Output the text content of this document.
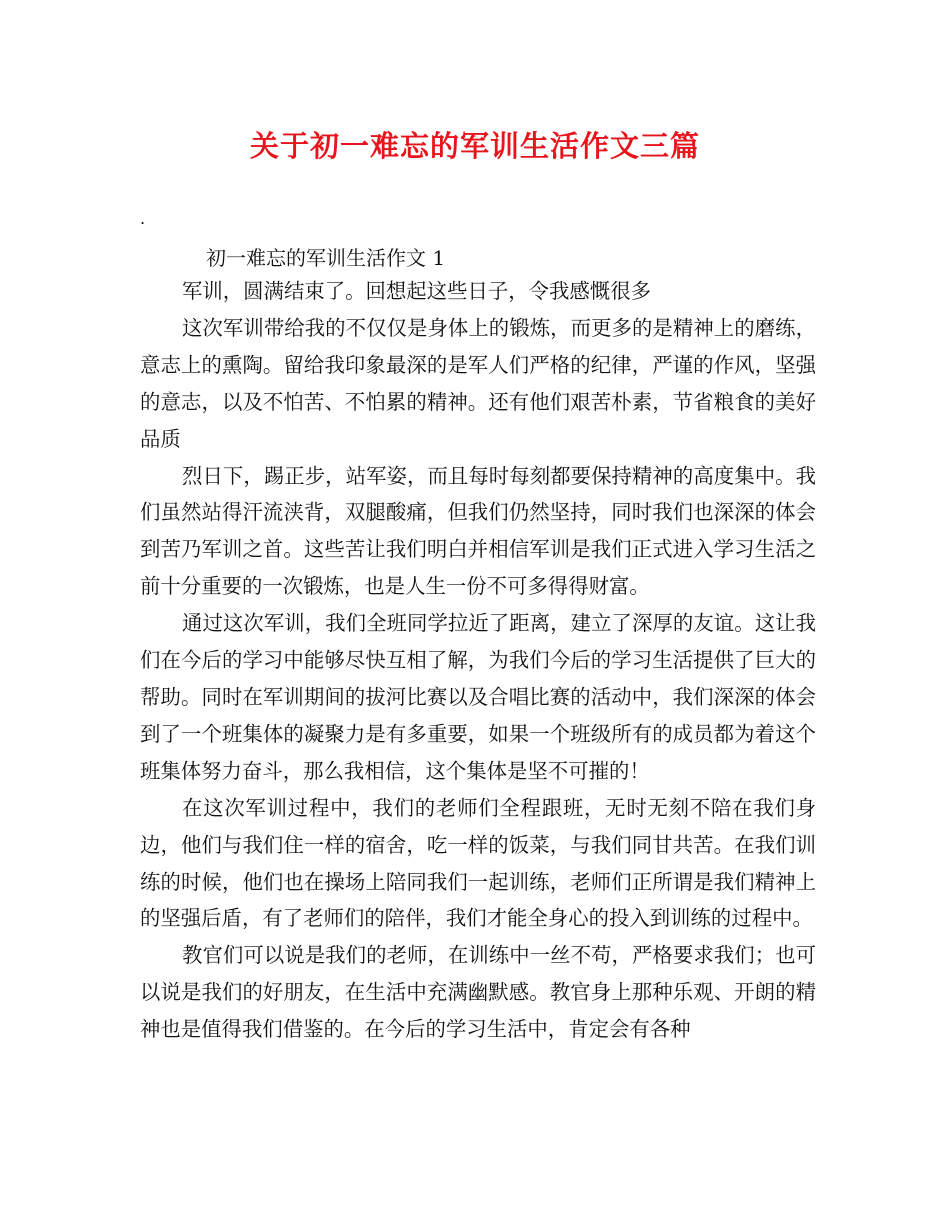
关于初一难忘的军训生活作文三篇
.

初一难忘的军训生活作文 1

军训，圆满结束了。回想起这些日子，令我感慨很多

这次军训带给我的不仅仅是身体上的锻炼，而更多的是精神上的磨练，意志上的熏陶。留给我印象最深的是军人们严格的纪律，严谨的作风，坚强的意志，以及不怕苦、不怕累的精神。还有他们艰苦朴素，节省粮食的美好品质

烈日下，踢正步，站军姿，而且每时每刻都要保持精神的高度集中。我们虽然站得汗流浃背，双腿酸痛，但我们仍然坚持，同时我们也深深的体会到苦乃军训之首。这些苦让我们明白并相信军训是我们正式进入学习生活之前十分重要的一次锻炼，也是人生一份不可多得得财富。

通过这次军训，我们全班同学拉近了距离，建立了深厚的友谊。这让我们在今后的学习中能够尽快互相了解，为我们今后的学习生活提供了巨大的帮助。同时在军训期间的拔河比赛以及合唱比赛的活动中，我们深深的体会到了一个班集体的凝聚力是有多重要，如果一个班级所有的成员都为着这个班集体努力奋斗，那么我相信，这个集体是坚不可摧的！

在这次军训过程中，我们的老师们全程跟班，无时无刻不陪在我们身边，他们与我们住一样的宿舍，吃一样的饭菜，与我们同甘共苦。在我们训练的时候，他们也在操场上陪同我们一起训练，老师们正所谓是我们精神上的坚强后盾，有了老师们的陪伴，我们才能全身心的投入到训练的过程中。

教官们可以说是我们的老师，在训练中一丝不苟，严格要求我们；也可以说是我们的好朋友，在生活中充满幽默感。教官身上那种乐观、开朗的精神也是值得我们借鉴的。在今后的学习生活中，肯定会有各种
